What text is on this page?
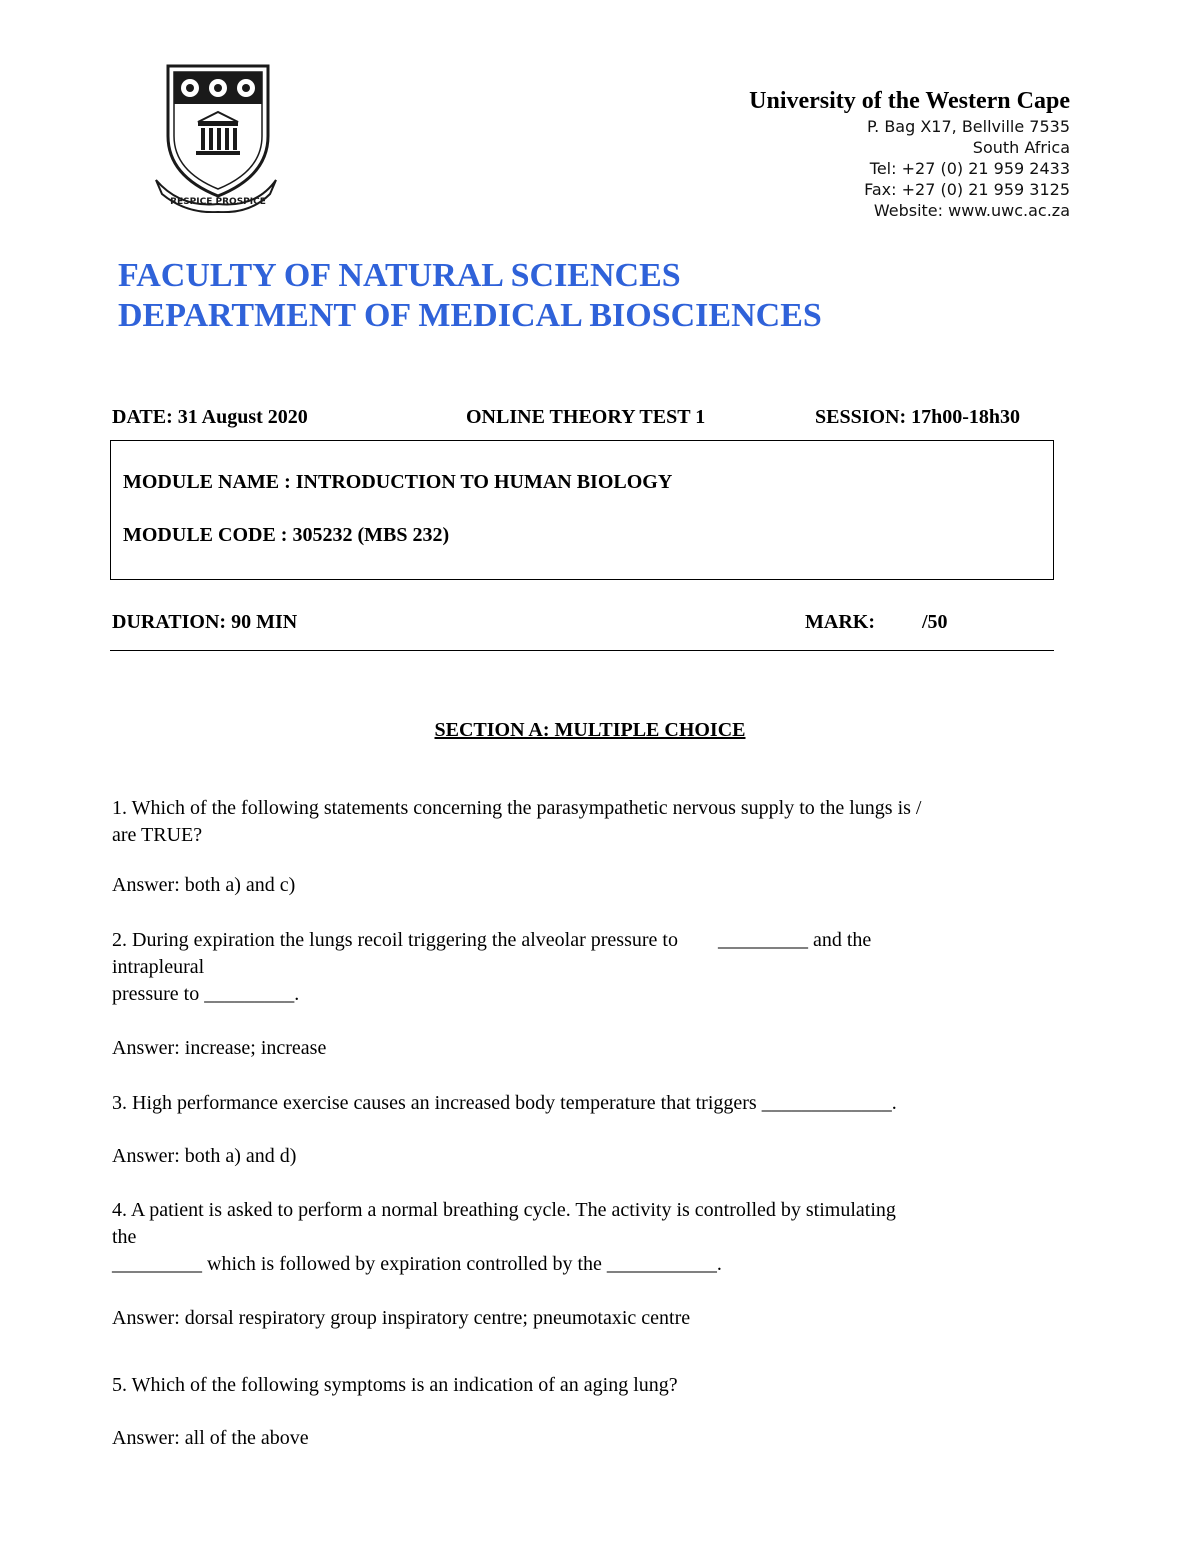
RESPICE PROSPICE
University of the Western Cape
P. Bag X17, Bellville 7535
South Africa
Tel: +27 (0) 21 959 2433
Fax: +27 (0) 21 959 3125
Website: www.uwc.ac.za
FACULTY OF NATURAL SCIENCES
DEPARTMENT OF MEDICAL BIOSCIENCES
DATE: 31 August 2020	ONLINE THEORY TEST 1	SESSION: 17h00-18h30
MODULE NAME : INTRODUCTION TO HUMAN BIOLOGY
MODULE CODE : 305232 (MBS 232)
DURATION: 90 MIN	MARK: /50
SECTION A: MULTIPLE CHOICE
1. Which of the following statements concerning the parasympathetic nervous supply to the lungs is /
are TRUE?
Answer: both a) and c)
2. During expiration the lungs recoil triggering the alveolar pressure to        _________ and the
intrapleural
pressure to _________.
Answer: increase; increase
3. High performance exercise causes an increased body temperature that triggers _____________.
Answer: both a) and d)
4. A patient is asked to perform a normal breathing cycle. The activity is controlled by stimulating
the
_________ which is followed by expiration controlled by the ___________.
Answer: dorsal respiratory group inspiratory centre; pneumotaxic centre
5. Which of the following symptoms is an indication of an aging lung?
Answer: all of the above
